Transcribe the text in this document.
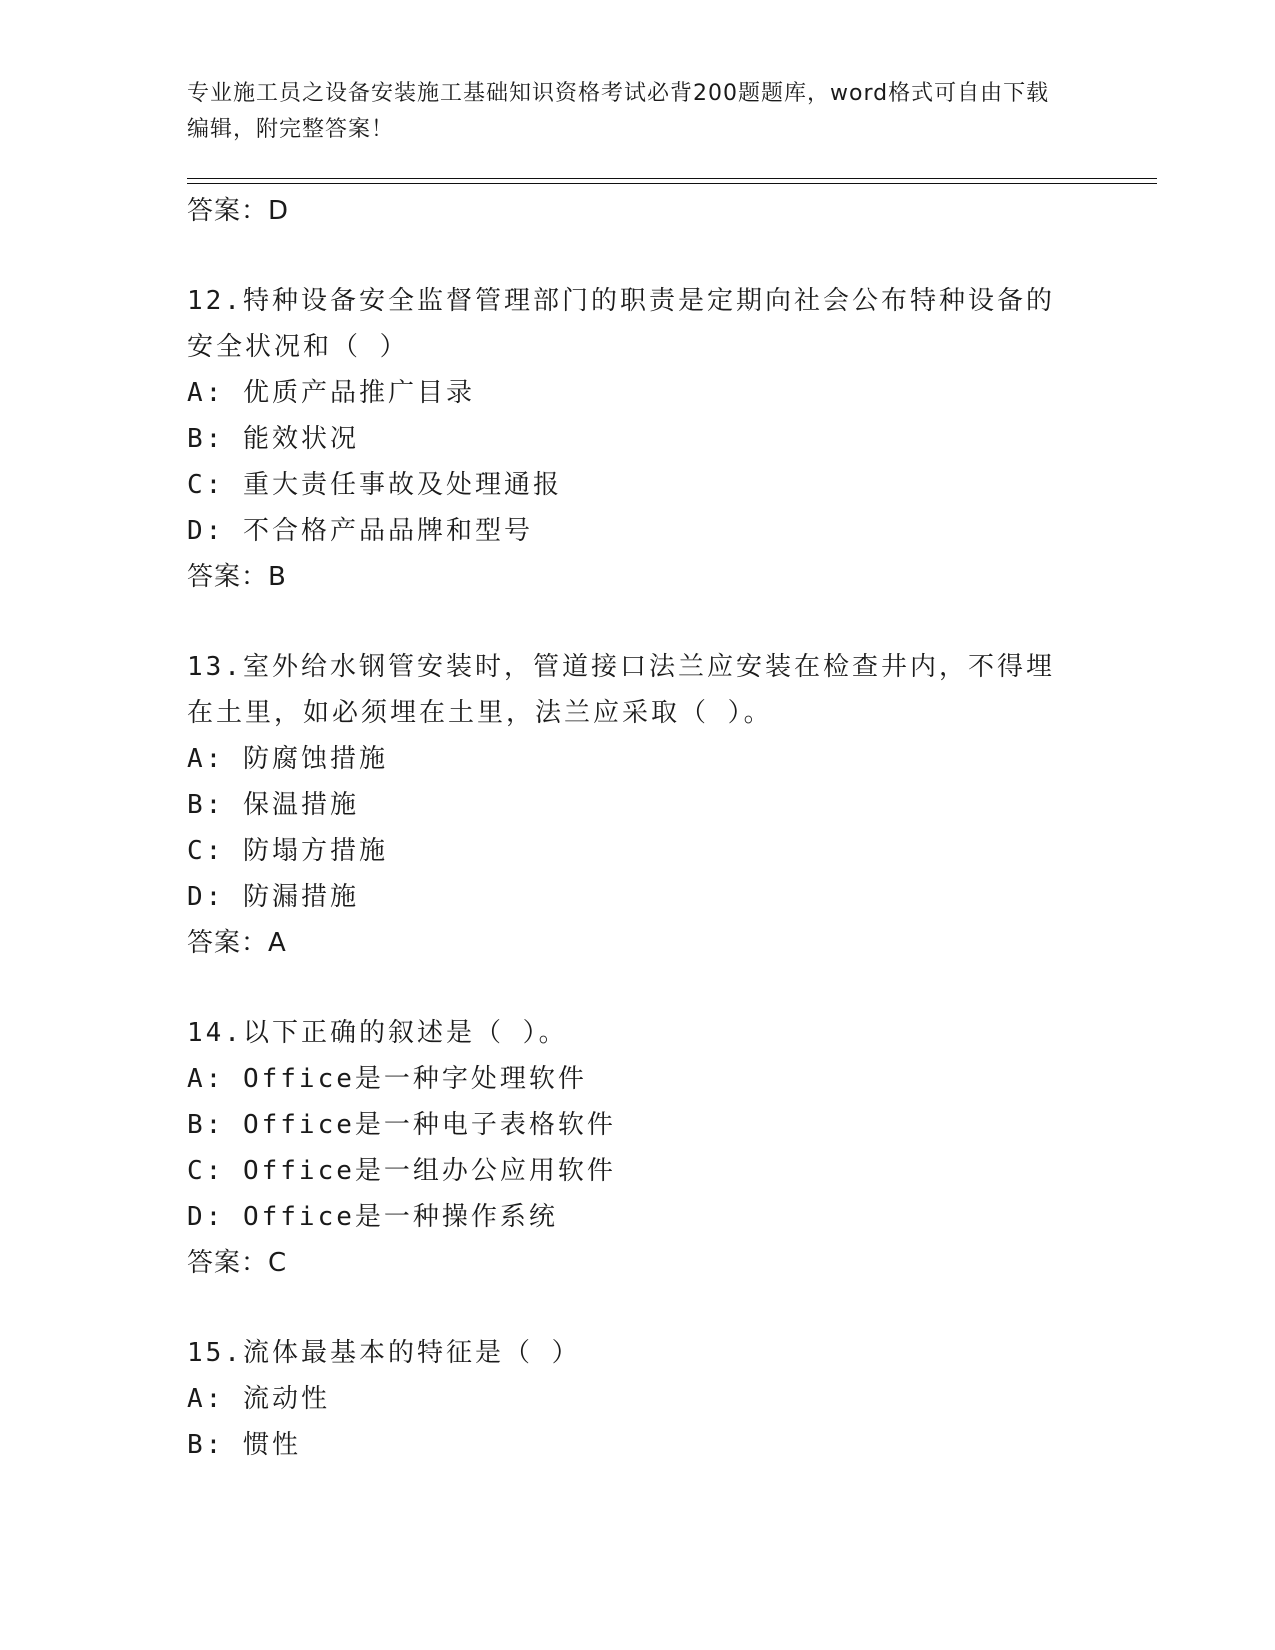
专业施工员之设备安装施工基础知识资格考试必背200题题库，word格式可自由下载编辑，附完整答案！
答案：D
12.特种设备安全监督管理部门的职责是定期向社会公布特种设备的安全状况和（ ）
A: 优质产品推广目录
B: 能效状况
C: 重大责任事故及处理通报
D: 不合格产品品牌和型号
答案：B
13.室外给水钢管安装时，管道接口法兰应安装在检查井内，不得埋在土里，如必须埋在土里，法兰应采取（ ）。
A: 防腐蚀措施
B: 保温措施
C: 防塌方措施
D: 防漏措施
答案：A
14.以下正确的叙述是（ ）。
A: Office是一种字处理软件
B: Office是一种电子表格软件
C: Office是一组办公应用软件
D: Office是一种操作系统
答案：C
15.流体最基本的特征是（ ）
A: 流动性
B: 惯性
